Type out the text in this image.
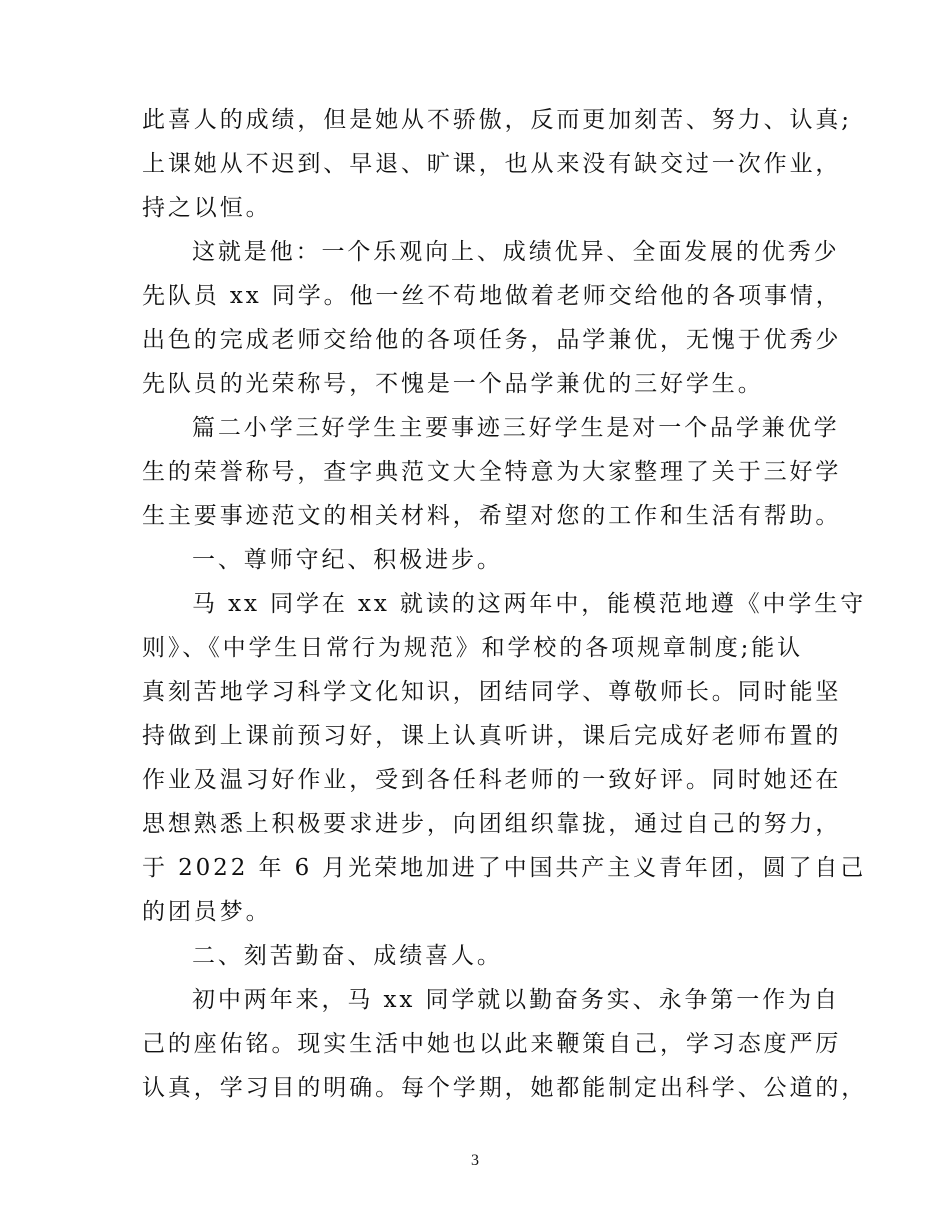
此喜人的成绩，但是她从不骄傲，反而更加刻苦、努力、认真;
上课她从不迟到、早退、旷课，也从来没有缺交过一次作业，
持之以恒。
这就是他：一个乐观向上、成绩优异、全面发展的优秀少
先队员 xx 同学。他一丝不苟地做着老师交给他的各项事情，
出色的完成老师交给他的各项任务，品学兼优，无愧于优秀少
先队员的光荣称号，不愧是一个品学兼优的三好学生。
篇二小学三好学生主要事迹三好学生是对一个品学兼优学
生的荣誉称号，查字典范文大全特意为大家整理了关于三好学
生主要事迹范文的相关材料，希望对您的工作和生活有帮助。
一、尊师守纪、积极进步。
马 xx 同学在 xx 就读的这两年中，能模范地遵《中学生守
则》、《中学生日常行为规范》和学校的各项规章制度;能认
真刻苦地学习科学文化知识，团结同学、尊敬师长。同时能坚
持做到上课前预习好，课上认真听讲，课后完成好老师布置的
作业及温习好作业，受到各任科老师的一致好评。同时她还在
思想熟悉上积极要求进步，向团组织靠拢，通过自己的努力，
于 2022 年 6 月光荣地加进了中国共产主义青年团，圆了自己
的团员梦。
二、刻苦勤奋、成绩喜人。
初中两年来，马 xx 同学就以勤奋务实、永争第一作为自
己的座佑铭。现实生活中她也以此来鞭策自己，学习态度严厉
认真，学习目的明确。每个学期，她都能制定出科学、公道的，
3
